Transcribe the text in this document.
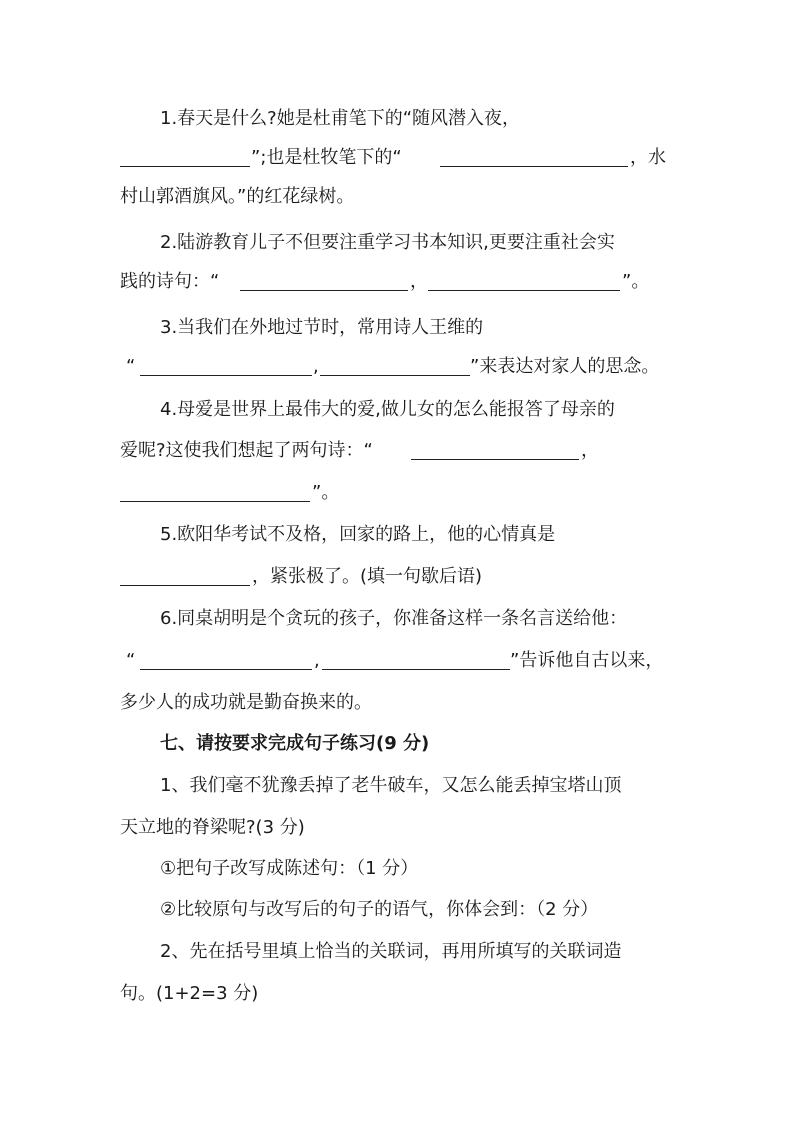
1.春天是什么?她是杜甫笔下的“随风潜入夜，
”;也是杜牧笔下的“	，水
村山郭酒旗风。”的红花绿树。
2.陆游教育儿子不但要注重学习书本知识,更要注重社会实
践的诗句：“	，	”。
3.当我们在外地过节时，常用诗人王维的
“	,	”来表达对家人的思念。
4.母爱是世界上最伟大的爱,做儿女的怎么能报答了母亲的
爱呢?这使我们想起了两句诗：“	，
”。
5.欧阳华考试不及格，回家的路上，他的心情真是
，紧张极了。(填一句歇后语)
6.同桌胡明是个贪玩的孩子，你准备这样一条名言送给他：
“	,	”告诉他自古以来，
多少人的成功就是勤奋换来的。
七、请按要求完成句子练习(9 分)
1、我们毫不犹豫丢掉了老牛破车，又怎么能丢掉宝塔山顶
天立地的脊梁呢?(3 分)
①把句子改写成陈述句：（1 分）
②比较原句与改写后的句子的语气，你体会到：（2 分）
2、先在括号里填上恰当的关联词，再用所填写的关联词造
句。(1+2=3 分)
